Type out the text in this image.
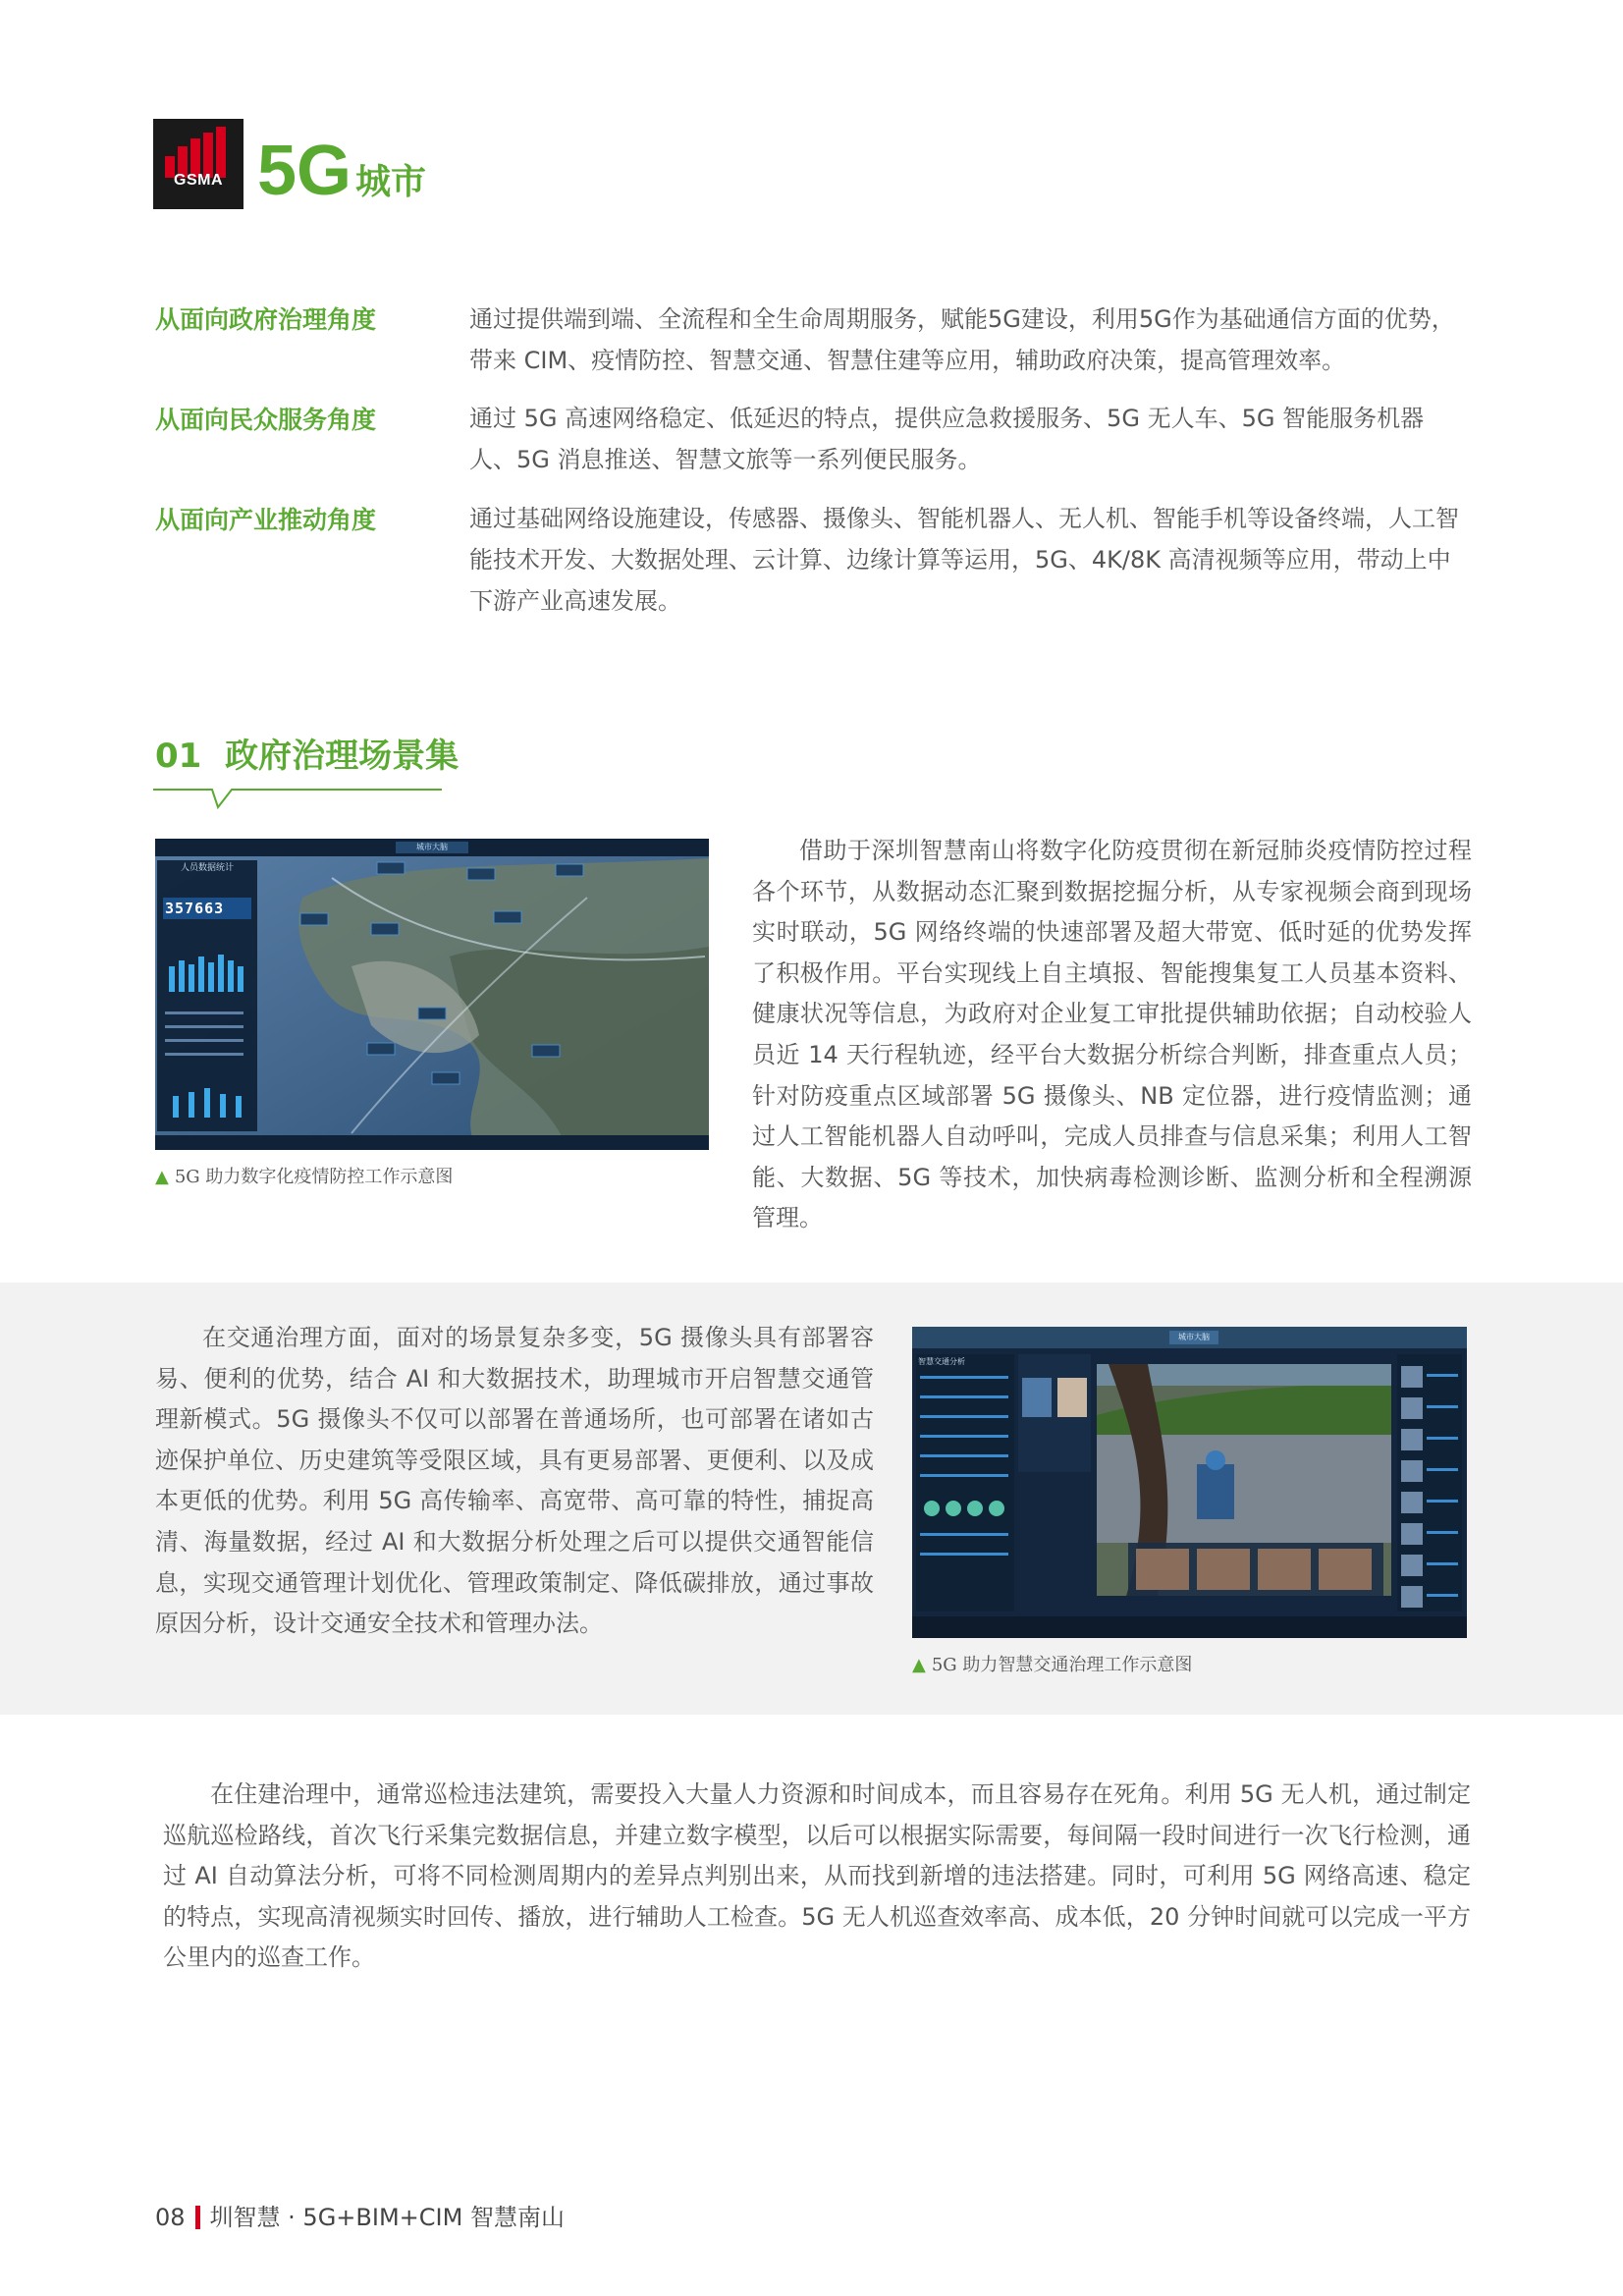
GSMA 5G 城市
从面向政府治理角度	通过提供端到端、全流程和全生命周期服务，赋能5G建设，利用5G作为基础通信方面的优势，带来 CIM、疫情防控、智慧交通、智慧住建等应用，辅助政府决策，提高管理效率。
从面向民众服务角度	通过 5G 高速网络稳定、低延迟的特点，提供应急救援服务、5G 无人车、5G 智能服务机器人、5G 消息推送、智慧文旅等一系列便民服务。
从面向产业推动角度	通过基础网络设施建设，传感器、摄像头、智能机器人、无人机、智能手机等设备终端，人工智能技术开发、大数据处理、云计算、边缘计算等运用，5G、4K/8K 高清视频等应用，带动上中下游产业高速发展。
01 政府治理场景集
人员数据统计
357663
城市大脑
▲ 5G 助力数字化疫情防控工作示意图
借助于深圳智慧南山将数字化防疫贯彻在新冠肺炎疫情防控过程各个环节，从数据动态汇聚到数据挖掘分析，从专家视频会商到现场实时联动，5G 网络终端的快速部署及超大带宽、低时延的优势发挥了积极作用。平台实现线上自主填报、智能搜集复工人员基本资料、健康状况等信息，为政府对企业复工审批提供辅助依据；自动校验人员近 14 天行程轨迹，经平台大数据分析综合判断，排查重点人员；针对防疫重点区域部署 5G 摄像头、NB 定位器，进行疫情监测；通过人工智能机器人自动呼叫，完成人员排查与信息采集；利用人工智能、大数据、5G 等技术，加快病毒检测诊断、监测分析和全程溯源管理。
在交通治理方面，面对的场景复杂多变，5G 摄像头具有部署容易、便利的优势，结合 AI 和大数据技术，助理城市开启智慧交通管理新模式。5G 摄像头不仅可以部署在普通场所，也可部署在诸如古迹保护单位、历史建筑等受限区域，具有更易部署、更便利、以及成本更低的优势。利用 5G 高传输率、高宽带、高可靠的特性，捕捉高清、海量数据，经过 AI 和大数据分析处理之后可以提供交通智能信息，实现交通管理计划优化、管理政策制定、降低碳排放，通过事故原因分析，设计交通安全技术和管理办法。
城市大脑
智慧交通分析
▲ 5G 助力智慧交通治理工作示意图
在住建治理中，通常巡检违法建筑，需要投入大量人力资源和时间成本，而且容易存在死角。利用 5G 无人机，通过制定巡航巡检路线，首次飞行采集完数据信息，并建立数字模型，以后可以根据实际需要，每间隔一段时间进行一次飞行检测，通过 AI 自动算法分析，可将不同检测周期内的差异点判别出来，从而找到新增的违法搭建。同时，可利用 5G 网络高速、稳定的特点，实现高清视频实时回传、播放，进行辅助人工检查。5G 无人机巡查效率高、成本低，20 分钟时间就可以完成一平方公里内的巡查工作。
08 圳智慧 · 5G+BIM+CIM 智慧南山
